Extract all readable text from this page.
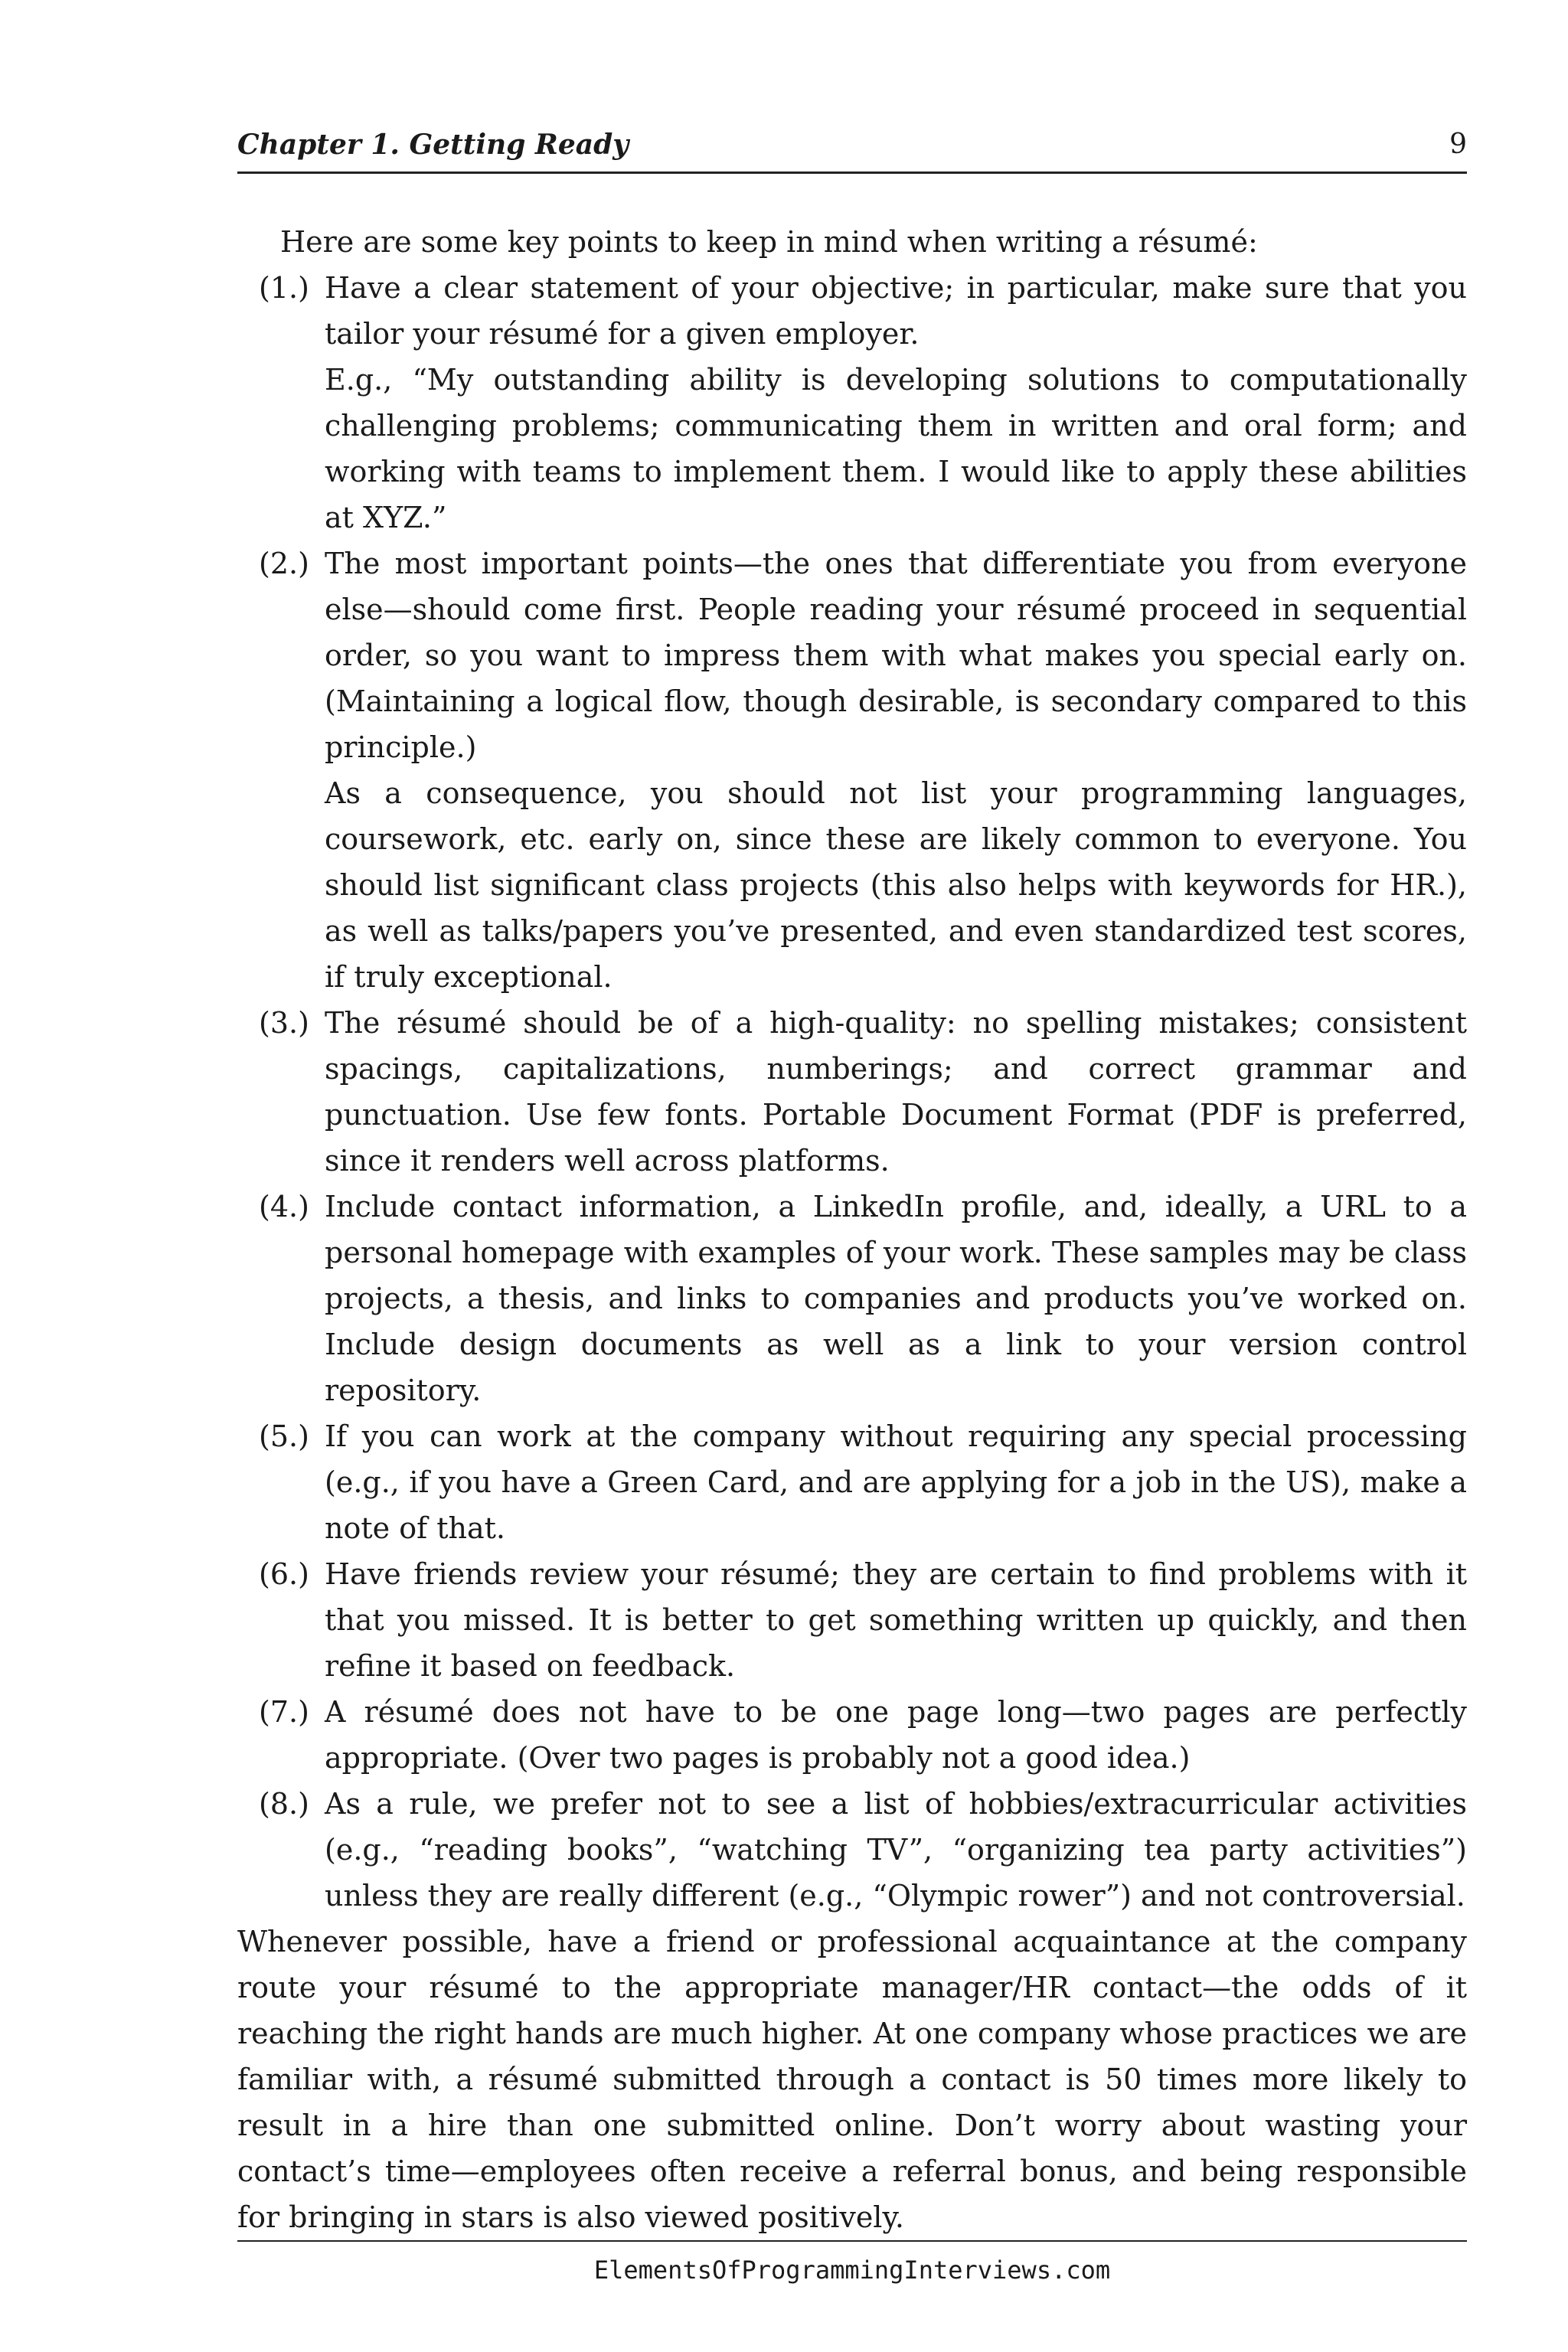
Chapter 1. Getting Ready	9

Here are some key points to keep in mind when writing a résumé:

(1.) Have a clear statement of your objective; in particular, make sure that you tailor your résumé for a given employer.

E.g., “My outstanding ability is developing solutions to computationally challenging problems; communicating them in written and oral form; and working with teams to implement them. I would like to apply these abilities at XYZ.”

(2.) The most important points—the ones that differentiate you from everyone else—should come first. People reading your résumé proceed in sequential order, so you want to impress them with what makes you special early on. (Maintaining a logical flow, though desirable, is secondary compared to this principle.)

As a consequence, you should not list your programming languages, coursework, etc. early on, since these are likely common to everyone. You should list significant class projects (this also helps with keywords for HR.), as well as talks/papers you’ve presented, and even standardized test scores, if truly exceptional.

(3.) The résumé should be of a high-quality: no spelling mistakes; consistent spacings, capitalizations, numberings; and correct grammar and punctuation. Use few fonts. Portable Document Format (PDF is preferred, since it renders well across platforms.

(4.) Include contact information, a LinkedIn profile, and, ideally, a URL to a personal homepage with examples of your work. These samples may be class projects, a thesis, and links to companies and products you’ve worked on. Include design documents as well as a link to your version control repository.

(5.) If you can work at the company without requiring any special processing (e.g., if you have a Green Card, and are applying for a job in the US), make a note of that.

(6.) Have friends review your résumé; they are certain to find problems with it that you missed. It is better to get something written up quickly, and then refine it based on feedback.

(7.) A résumé does not have to be one page long—two pages are perfectly appropriate. (Over two pages is probably not a good idea.)

(8.) As a rule, we prefer not to see a list of hobbies/extracurricular activities (e.g., “reading books”, “watching TV”, “organizing tea party activities”) unless they are really different (e.g., “Olympic rower”) and not controversial.

Whenever possible, have a friend or professional acquaintance at the company route your résumé to the appropriate manager/HR contact—the odds of it reaching the right hands are much higher. At one company whose practices we are familiar with, a résumé submitted through a contact is 50 times more likely to result in a hire than one submitted online. Don’t worry about wasting your contact’s time—employees often receive a referral bonus, and being responsible for bringing in stars is also viewed positively.

ElementsOfProgrammingInterviews.com
